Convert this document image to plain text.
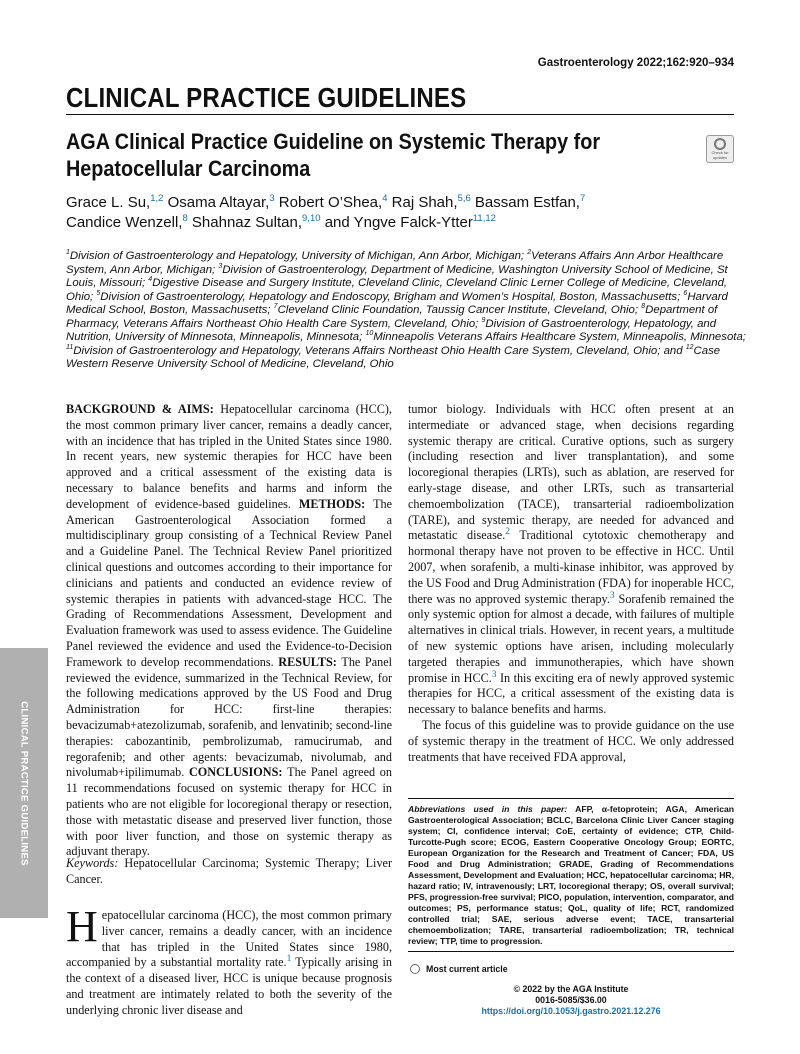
Gastroenterology 2022;162:920–934
CLINICAL PRACTICE GUIDELINES
AGA Clinical Practice Guideline on Systemic Therapy for Hepatocellular Carcinoma
Check for updates
Grace L. Su,$^{1,2}$ Osama Altayar,$^3$ Robert O’Shea,$^4$ Raj Shah,$^{5,6}$ Bassam Estfan,$^7$
Candice Wenzell,$^8$ Shahnaz Sultan,$^{9,10}$ and Yngve Falck-Ytter$^{11,12}$
$^1$Division of Gastroenterology and Hepatology, University of Michigan, Ann Arbor, Michigan; $^2$Veterans Affairs Ann Arbor Healthcare System, Ann Arbor, Michigan; $^3$Division of Gastroenterology, Department of Medicine, Washington University School of Medicine, St Louis, Missouri; $^4$Digestive Disease and Surgery Institute, Cleveland Clinic, Cleveland Clinic Lerner College of Medicine, Cleveland, Ohio; $^5$Division of Gastroenterology, Hepatology and Endoscopy, Brigham and Women’s Hospital, Boston, Massachusetts; $^6$Harvard Medical School, Boston, Massachusetts; $^7$Cleveland Clinic Foundation, Taussig Cancer Institute, Cleveland, Ohio; $^8$Department of Pharmacy, Veterans Affairs Northeast Ohio Health Care System, Cleveland, Ohio; $^9$Division of Gastroenterology, Hepatology, and Nutrition, University of Minnesota, Minneapolis, Minnesota; $^{10}$Minneapolis Veterans Affairs Healthcare System, Minneapolis, Minnesota; $^{11}$Division of Gastroenterology and Hepatology, Veterans Affairs Northeast Ohio Health Care System, Cleveland, Ohio; and $^{12}$Case Western Reserve University School of Medicine, Cleveland, Ohio
BACKGROUND & AIMS: Hepatocellular carcinoma (HCC), the most common primary liver cancer, remains a deadly cancer, with an incidence that has tripled in the United States since 1980. In recent years, new systemic therapies for HCC have been approved and a critical assessment of the existing data is necessary to balance benefits and harms and inform the development of evidence-based guidelines. METHODS: The American Gastroenterological Association formed a multidisciplinary group consisting of a Technical Review Panel and a Guideline Panel. The Technical Review Panel prioritized clinical questions and outcomes according to their importance for clinicians and patients and conducted an evidence review of systemic therapies in patients with advanced-stage HCC. The Grading of Recommendations Assessment, Development and Evaluation framework was used to assess evidence. The Guideline Panel reviewed the evidence and used the Evidence-to-Decision Framework to develop recommendations. RESULTS: The Panel reviewed the evidence, summarized in the Technical Review, for the following medications approved by the US Food and Drug Administration for HCC: first-line therapies: bevacizumab+atezolizumab, sorafenib, and lenvatinib; second-line therapies: cabozantinib, pembrolizumab, ramucirumab, and regorafenib; and other agents: bevacizumab, nivolumab, and nivolumab+ipilimumab. CONCLUSIONS: The Panel agreed on 11 recommendations focused on systemic therapy for HCC in patients who are not eligible for locoregional therapy or resection, those with metastatic disease and preserved liver function, those with poor liver function, and those on systemic therapy as adjuvant therapy.
Keywords: Hepatocellular Carcinoma; Systemic Therapy; Liver Cancer.
Hepatocellular carcinoma (HCC), the most common primary liver cancer, remains a deadly cancer, with an incidence that has tripled in the United States since 1980, accompanied by a substantial mortality rate.$^1$ Typically arising in the context of a diseased liver, HCC is unique because prognosis and treatment are intimately related to both the severity of the underlying chronic liver disease and

tumor biology. Individuals with HCC often present at an intermediate or advanced stage, when decisions regarding systemic therapy are critical. Curative options, such as surgery (including resection and liver transplantation), and some locoregional therapies (LRTs), such as ablation, are reserved for early-stage disease, and other LRTs, such as transarterial chemoembolization (TACE), transarterial radioembolization (TARE), and systemic therapy, are needed for advanced and metastatic disease.$^2$ Traditional cytotoxic chemotherapy and hormonal therapy have not proven to be effective in HCC. Until 2007, when sorafenib, a multi-kinase inhibitor, was approved by the US Food and Drug Administration (FDA) for inoperable HCC, there was no approved systemic therapy.$^3$ Sorafenib remained the only systemic option for almost a decade, with failures of multiple alternatives in clinical trials. However, in recent years, a multitude of new systemic options have arisen, including molecularly targeted therapies and immunotherapies, which have shown promise in HCC.$^3$ In this exciting era of newly approved systemic therapies for HCC, a critical assessment of the existing data is necessary to balance benefits and harms.

The focus of this guideline was to provide guidance on the use of systemic therapy in the treatment of HCC. We only addressed treatments that have received FDA approval,

Abbreviations used in this paper: AFP, α-fetoprotein; AGA, American Gastroenterological Association; BCLC, Barcelona Clinic Liver Cancer staging system; CI, confidence interval; CoE, certainty of evidence; CTP, Child-Turcotte-Pugh score; ECOG, Eastern Cooperative Oncology Group; EORTC, European Organization for the Research and Treatment of Cancer; FDA, US Food and Drug Administration; GRADE, Grading of Recommendations Assessment, Development and Evaluation; HCC, hepatocellular carcinoma; HR, hazard ratio; IV, intravenously; LRT, locoregional therapy; OS, overall survival; PFS, progression-free survival; PICO, population, intervention, comparator, and outcomes; PS, performance status; QoL, quality of life; RCT, randomized controlled trial; SAE, serious adverse event; TACE, transarterial chemoembolization; TARE, transarterial radioembolization; TR, technical review; TTP, time to progression.
Most current article
© 2022 by the AGA Institute
0016-5085/$36.00
https://doi.org/10.1053/j.gastro.2021.12.276
CLINICAL PRACTICE GUIDELINES
